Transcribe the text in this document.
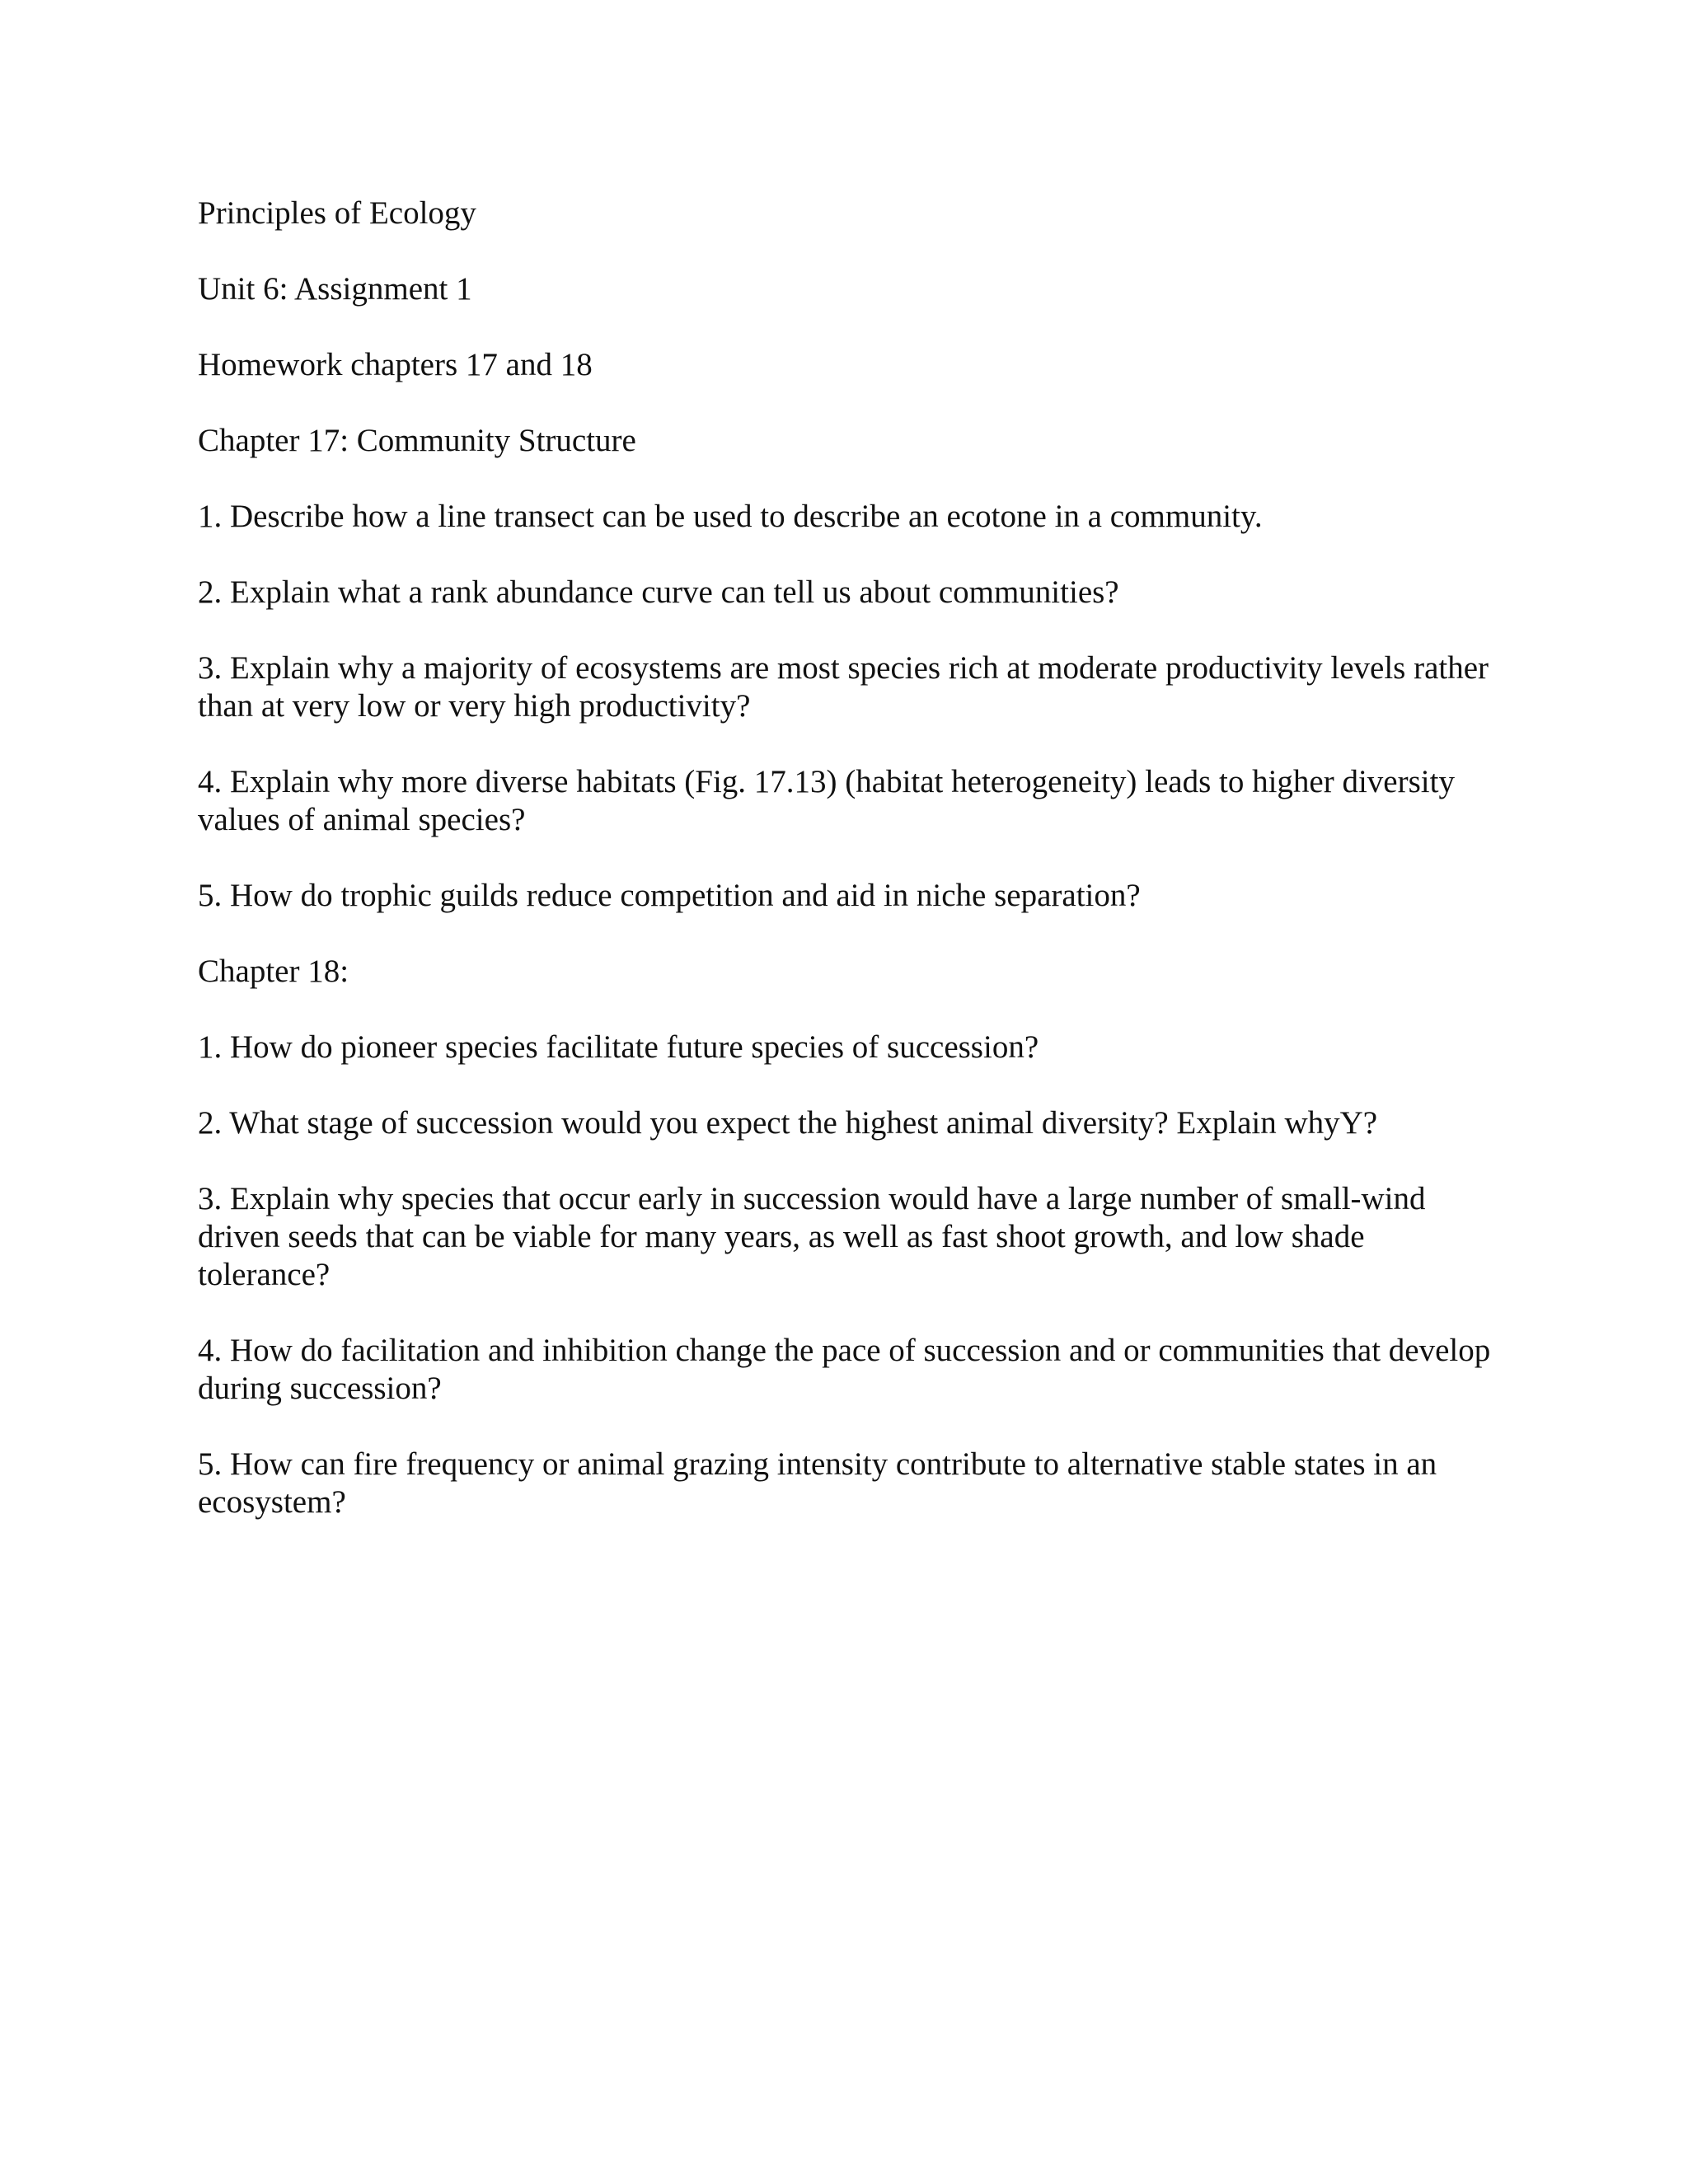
Principles of Ecology

Unit 6: Assignment 1

Homework chapters 17 and 18

Chapter 17: Community Structure

1. Describe how a line transect can be used to describe an ecotone in a community.

2. Explain what a rank abundance curve can tell us about communities?

3. Explain why a majority of ecosystems are most species rich at moderate productivity levels rather than at very low or very high productivity?

4. Explain why more diverse habitats (Fig. 17.13) (habitat heterogeneity) leads to higher diversity values of animal species?

5. How do trophic guilds reduce competition and aid in niche separation?

Chapter 18:

1. How do pioneer species facilitate future species of succession?

2. What stage of succession would you expect the highest animal diversity? Explain whyY?

3. Explain why species that occur early in succession would have a large number of small-wind driven seeds that can be viable for many years, as well as fast shoot growth, and low shade tolerance?

4. How do facilitation and inhibition change the pace of succession and or communities that develop during succession?

5. How can fire frequency or animal grazing intensity contribute to alternative stable states in an ecosystem?
